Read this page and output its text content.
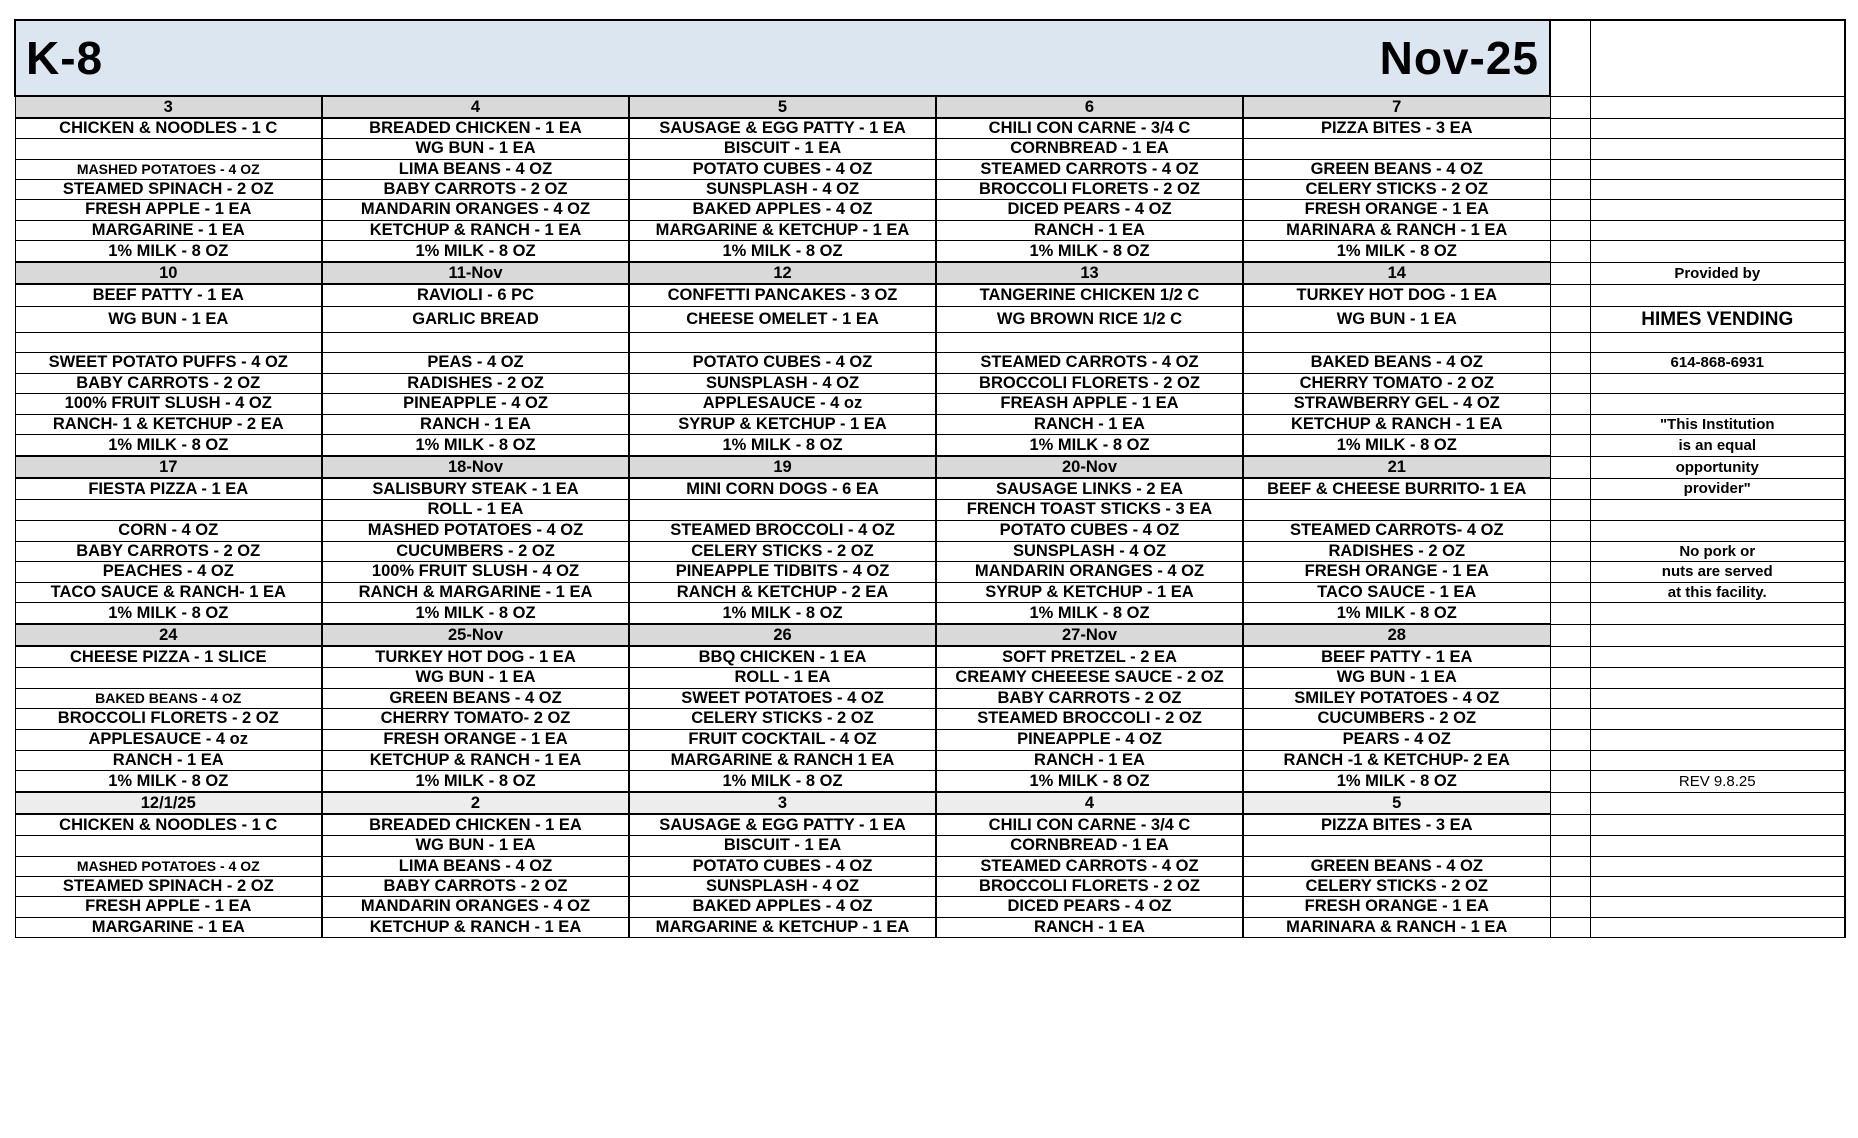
K-8 Nov-25						

3	4	5	6	7		
CHICKEN & NOODLES - 1 C	BREADED CHICKEN - 1 EA	SAUSAGE & EGG PATTY - 1 EA	CHILI CON CARNE - 3/4 C	PIZZA BITES - 3 EA		
	WG BUN - 1 EA	BISCUIT - 1 EA	CORNBREAD - 1 EA			
MASHED POTATOES - 4 OZ	LIMA BEANS - 4 OZ	POTATO CUBES - 4 OZ	STEAMED CARROTS - 4 OZ	GREEN BEANS - 4 OZ		
STEAMED SPINACH - 2 OZ	BABY CARROTS - 2 OZ	SUNSPLASH - 4 OZ	BROCCOLI FLORETS - 2 OZ	CELERY STICKS - 2 OZ		
FRESH APPLE - 1 EA	MANDARIN ORANGES - 4 OZ	BAKED APPLES - 4 OZ	DICED PEARS - 4 OZ	FRESH ORANGE - 1 EA		
MARGARINE - 1 EA	KETCHUP & RANCH - 1 EA	MARGARINE & KETCHUP - 1 EA	RANCH - 1 EA	MARINARA & RANCH - 1 EA		
1% MILK - 8 OZ	1% MILK - 8 OZ	1% MILK - 8 OZ	1% MILK - 8 OZ	1% MILK - 8 OZ		
10	11-Nov	12	13	14		Provided by
BEEF PATTY - 1 EA	RAVIOLI - 6 PC	CONFETTI PANCAKES - 3 OZ	TANGERINE CHICKEN 1/2 C	TURKEY HOT DOG - 1 EA		
WG BUN - 1 EA	GARLIC BREAD	CHEESE OMELET - 1 EA	WG BROWN RICE 1/2 C	WG BUN - 1 EA		HIMES VENDING

SWEET POTATO PUFFS - 4 OZ	PEAS - 4 OZ	POTATO CUBES - 4 OZ	STEAMED CARROTS - 4 OZ	BAKED BEANS - 4 OZ		614-868-6931
BABY CARROTS - 2 OZ	RADISHES - 2 OZ	SUNSPLASH - 4 OZ	BROCCOLI FLORETS - 2 OZ	CHERRY TOMATO - 2 OZ		
100% FRUIT SLUSH - 4 OZ	PINEAPPLE - 4 OZ	APPLESAUCE - 4 oz	FREASH APPLE - 1 EA	STRAWBERRY GEL - 4 OZ		
RANCH- 1 & KETCHUP - 2 EA	RANCH - 1 EA	SYRUP & KETCHUP - 1 EA	RANCH - 1 EA	KETCHUP & RANCH - 1 EA		"This Institution
1% MILK - 8 OZ	1% MILK - 8 OZ	1% MILK - 8 OZ	1% MILK - 8 OZ	1% MILK - 8 OZ		is an equal
17	18-Nov	19	20-Nov	21		opportunity
FIESTA PIZZA - 1 EA	SALISBURY STEAK - 1 EA	MINI CORN DOGS - 6 EA	SAUSAGE LINKS - 2 EA	BEEF & CHEESE BURRITO- 1 EA		provider"
	ROLL - 1 EA		FRENCH TOAST STICKS - 3 EA			
CORN - 4 OZ	MASHED POTATOES - 4 OZ	STEAMED BROCCOLI - 4 OZ	POTATO CUBES - 4 OZ	STEAMED CARROTS- 4 OZ		
BABY CARROTS - 2 OZ	CUCUMBERS - 2 OZ	CELERY STICKS - 2 OZ	SUNSPLASH - 4 OZ	RADISHES - 2 OZ		No pork or
PEACHES - 4 OZ	100% FRUIT SLUSH - 4 OZ	PINEAPPLE TIDBITS - 4 OZ	MANDARIN ORANGES - 4 OZ	FRESH ORANGE - 1 EA		nuts are served
TACO SAUCE & RANCH- 1 EA	RANCH & MARGARINE - 1 EA	RANCH & KETCHUP - 2 EA	SYRUP & KETCHUP - 1 EA	TACO SAUCE - 1 EA		at this facility.
1% MILK - 8 OZ	1% MILK - 8 OZ	1% MILK - 8 OZ	1% MILK - 8 OZ	1% MILK - 8 OZ		
24	25-Nov	26	27-Nov	28		
CHEESE PIZZA - 1 SLICE	TURKEY HOT DOG - 1 EA	BBQ CHICKEN - 1 EA	SOFT PRETZEL - 2 EA	BEEF PATTY - 1 EA		
	WG BUN - 1 EA	ROLL - 1 EA	CREAMY CHEEESE SAUCE - 2 OZ	WG BUN - 1 EA		
BAKED BEANS - 4 OZ	GREEN BEANS - 4 OZ	SWEET POTATOES - 4 OZ	BABY CARROTS - 2 OZ	SMILEY POTATOES - 4 OZ		
BROCCOLI FLORETS - 2 OZ	CHERRY TOMATO- 2 OZ	CELERY STICKS - 2 OZ	STEAMED BROCCOLI - 2 OZ	CUCUMBERS - 2 OZ		
APPLESAUCE - 4 oz	FRESH ORANGE - 1 EA	FRUIT COCKTAIL - 4 OZ	PINEAPPLE - 4 OZ	PEARS - 4 OZ		
RANCH - 1 EA	KETCHUP & RANCH - 1 EA	MARGARINE & RANCH 1 EA	RANCH - 1 EA	RANCH -1 & KETCHUP- 2 EA		
1% MILK - 8 OZ	1% MILK - 8 OZ	1% MILK - 8 OZ	1% MILK - 8 OZ	1% MILK - 8 OZ		REV 9.8.25
12/1/25	2	3	4	5		
CHICKEN & NOODLES - 1 C	BREADED CHICKEN - 1 EA	SAUSAGE & EGG PATTY - 1 EA	CHILI CON CARNE - 3/4 C	PIZZA BITES - 3 EA		
	WG BUN - 1 EA	BISCUIT - 1 EA	CORNBREAD - 1 EA			
MASHED POTATOES - 4 OZ	LIMA BEANS - 4 OZ	POTATO CUBES - 4 OZ	STEAMED CARROTS - 4 OZ	GREEN BEANS - 4 OZ		
STEAMED SPINACH - 2 OZ	BABY CARROTS - 2 OZ	SUNSPLASH - 4 OZ	BROCCOLI FLORETS - 2 OZ	CELERY STICKS - 2 OZ		
FRESH APPLE - 1 EA	MANDARIN ORANGES - 4 OZ	BAKED APPLES - 4 OZ	DICED PEARS - 4 OZ	FRESH ORANGE - 1 EA		
MARGARINE - 1 EA	KETCHUP & RANCH - 1 EA	MARGARINE & KETCHUP - 1 EA	RANCH - 1 EA	MARINARA & RANCH - 1 EA		
